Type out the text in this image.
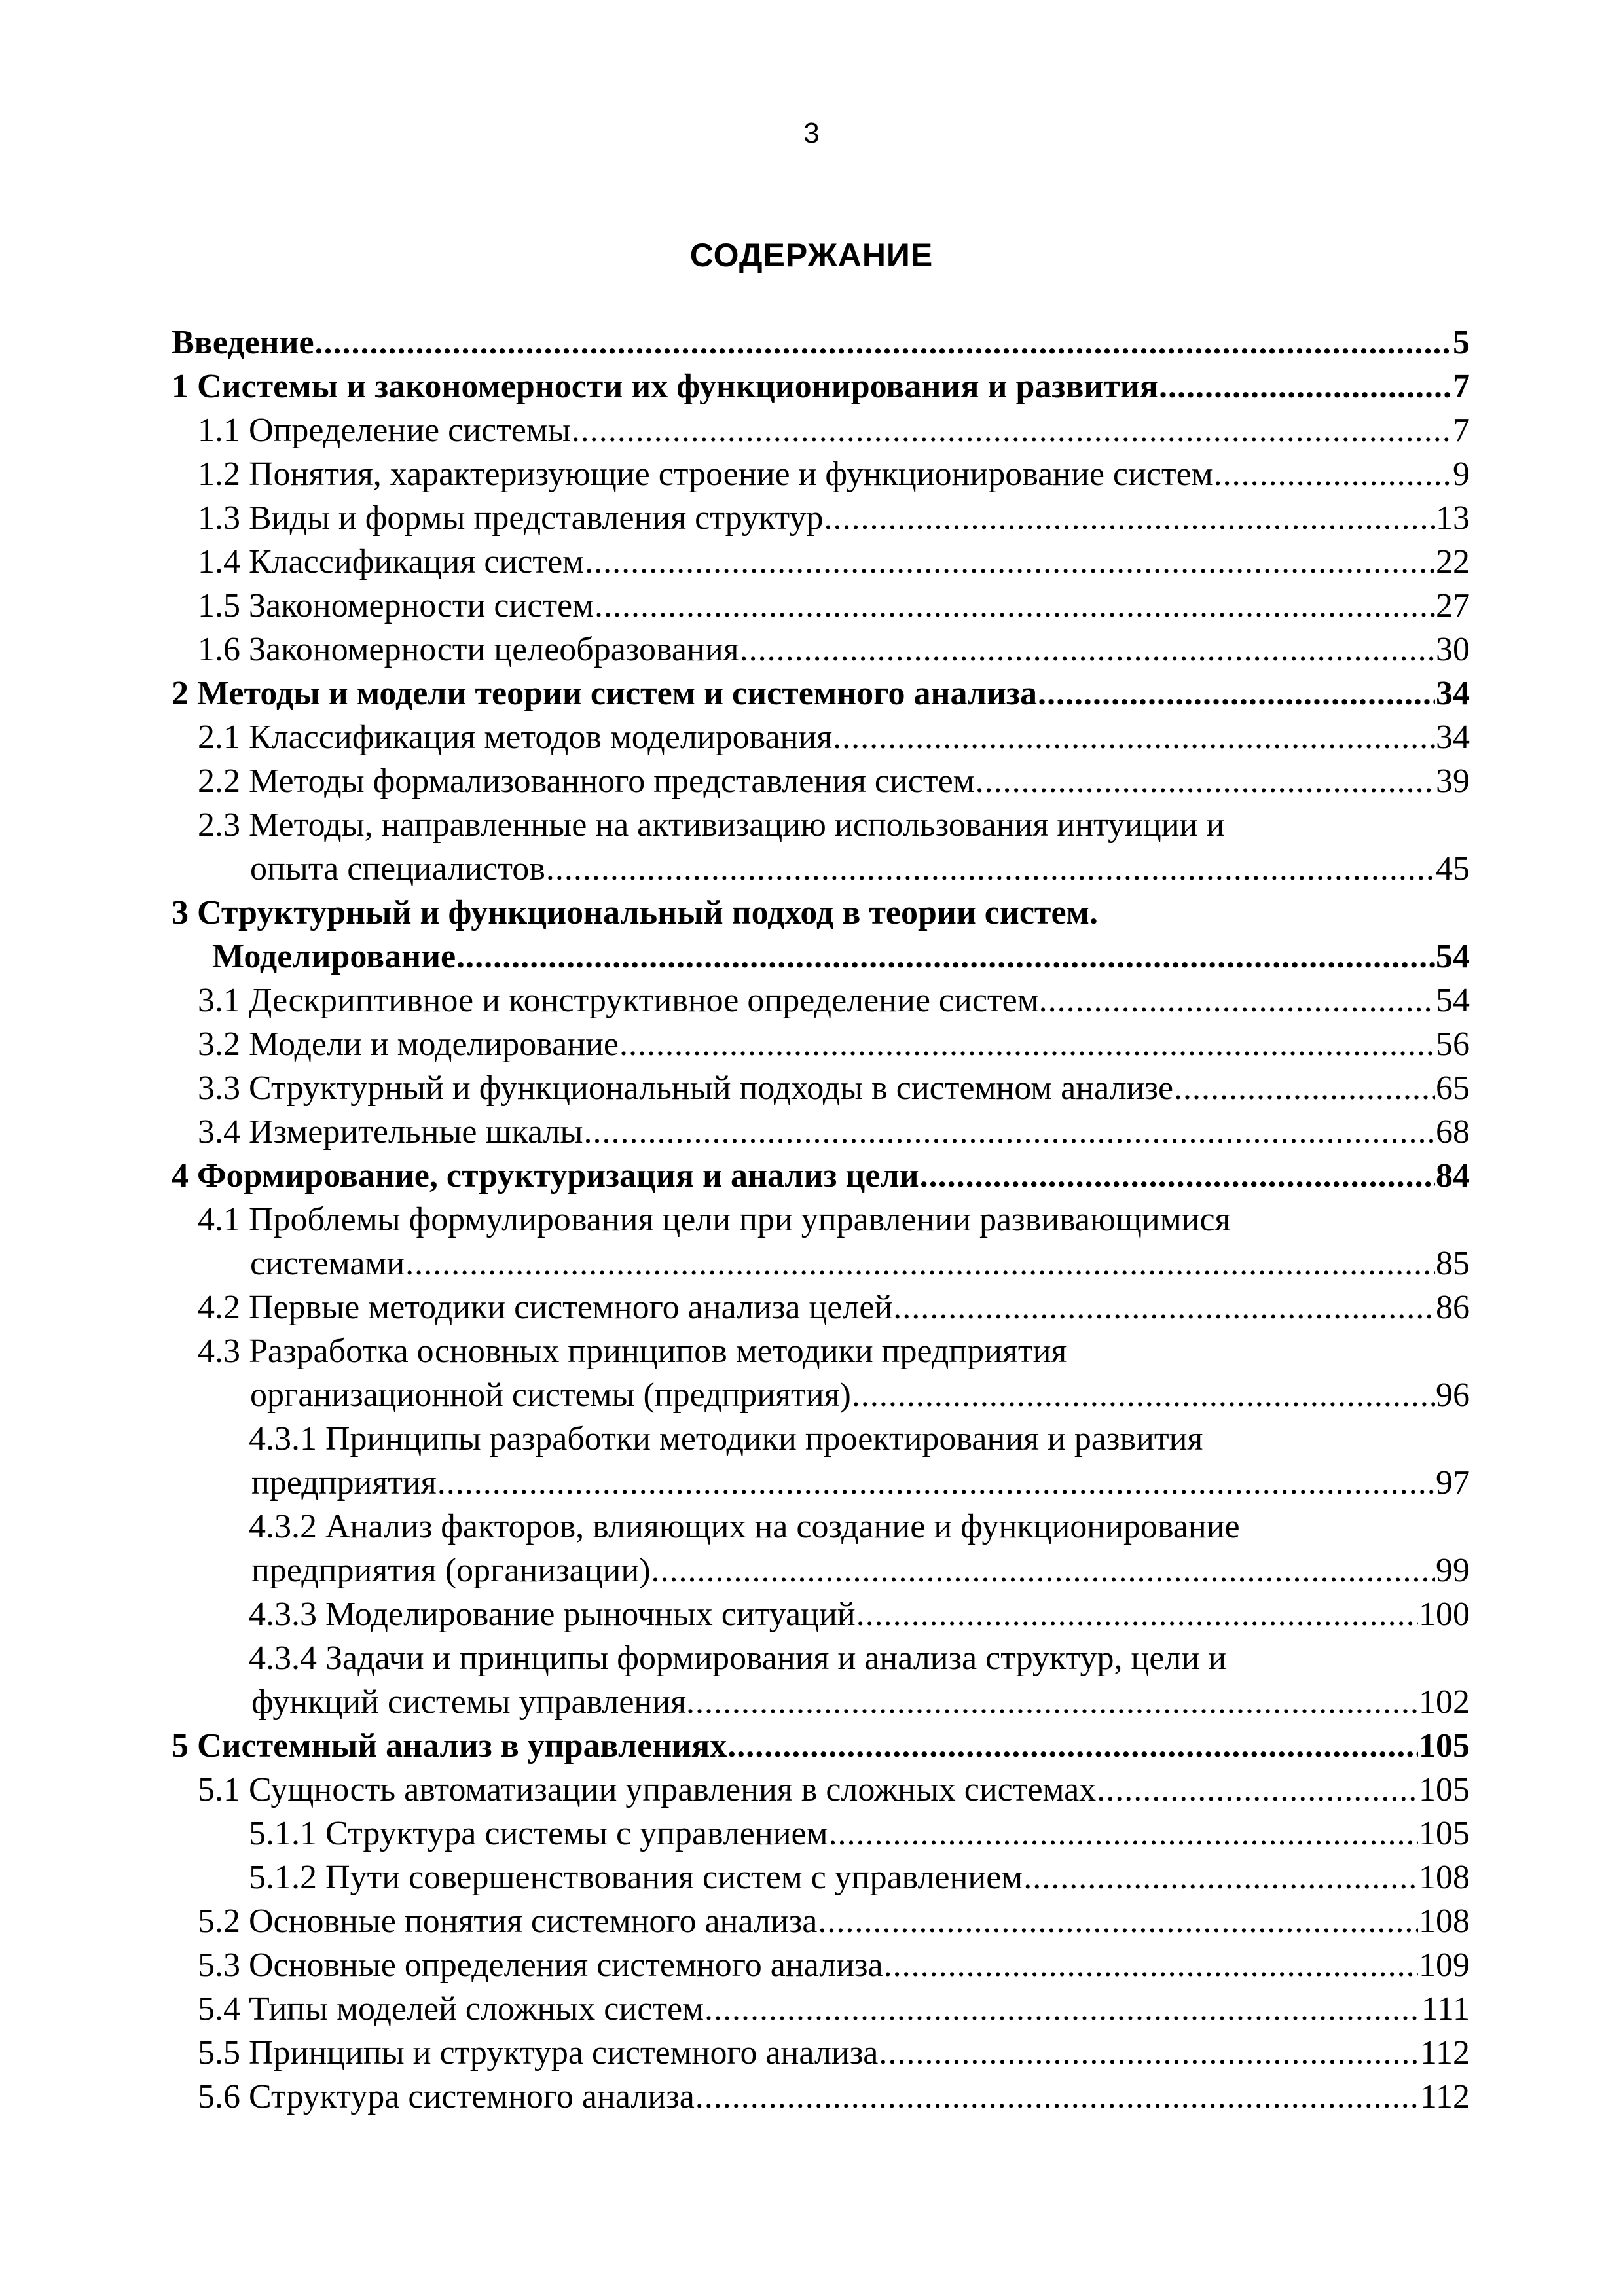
3
СОДЕРЖАНИЕ
Введение .....	5
1 Системы и закономерности их функционирования и развития .....	7
1.1 Определение системы .....	7
1.2 Понятия, характеризующие строение и функционирование систем .....	9
1.3 Виды и формы представления структур .....	13
1.4 Классификация систем .....	22
1.5 Закономерности систем .....	27
1.6 Закономерности целеобразования .....	30
2 Методы и модели теории систем и системного анализа .....	34
2.1 Классификация методов моделирования .....	34
2.2 Методы формализованного представления систем .....	39
2.3 Методы, направленные на активизацию использования интуиции и
опыта специалистов .....	45
3 Структурный и функциональный подход в теории систем.
Моделирование .....	54
3.1 Дескриптивное и конструктивное определение систем. .....	54
3.2 Модели и моделирование .....	56
3.3 Структурный и функциональный подходы в системном анализе .....	65
3.4 Измерительные шкалы .....	68
4 Формирование, структуризация и анализ цели .....	84
4.1 Проблемы формулирования цели при управлении развивающимися
системами .....	85
4.2 Первые методики системного анализа целей .....	86
4.3 Разработка основных принципов методики предприятия
организационной системы (предприятия) .....	96
4.3.1 Принципы разработки методики проектирования и развития
предприятия .....	97
4.3.2 Анализ факторов, влияющих на создание и функционирование
предприятия (организации) .....	99
4.3.3 Моделирование рыночных ситуаций .....	100
4.3.4 Задачи и принципы формирования и анализа структур, цели и
функций системы управления. .....	102
5 Системный анализ в управлениях .....	105
5.1 Сущность автоматизации управления в сложных системах .....	105
5.1.1 Структура системы с управлением .....	105
5.1.2 Пути совершенствования систем с управлением .....	108
5.2 Основные понятия системного анализа .....	108
5.3 Основные определения системного анализа .....	109
5.4 Типы моделей сложных систем .....	111
5.5 Принципы и структура системного анализа .....	112
5.6 Структура системного анализа .....	112
